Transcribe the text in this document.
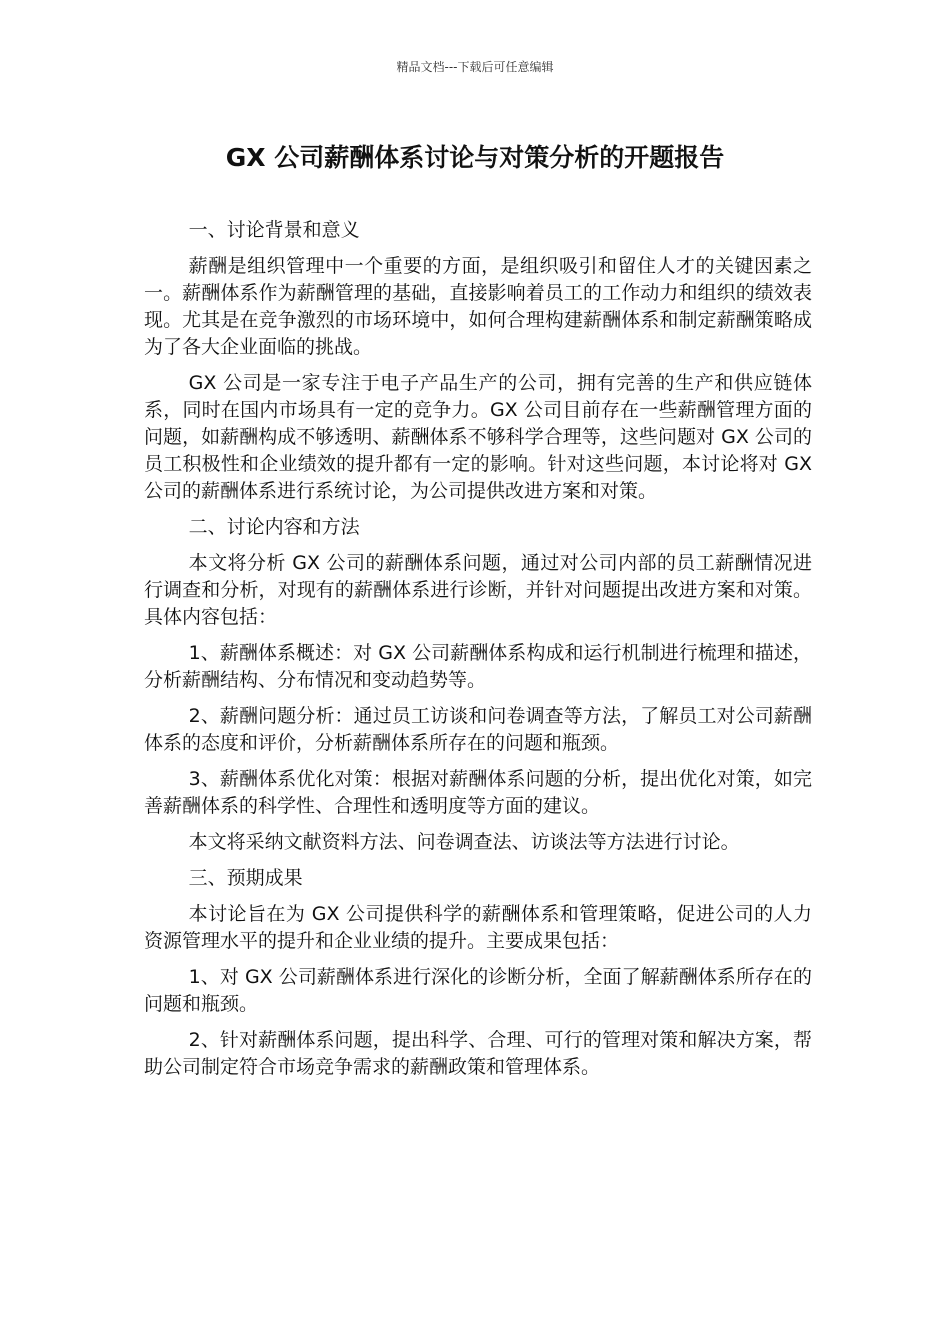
精品文档---下载后可任意编辑
GX 公司薪酬体系讨论与对策分析的开题报告

一、讨论背景和意义

薪酬是组织管理中一个重要的方面，是组织吸引和留住人才的关键因素之一。薪酬体系作为薪酬管理的基础，直接影响着员工的工作动力和组织的绩效表现。尤其是在竞争激烈的市场环境中，如何合理构建薪酬体系和制定薪酬策略成为了各大企业面临的挑战。

GX 公司是一家专注于电子产品生产的公司，拥有完善的生产和供应链体系，同时在国内市场具有一定的竞争力。GX 公司目前存在一些薪酬管理方面的问题，如薪酬构成不够透明、薪酬体系不够科学合理等，这些问题对 GX 公司的员工积极性和企业绩效的提升都有一定的影响。针对这些问题，本讨论将对 GX 公司的薪酬体系进行系统讨论，为公司提供改进方案和对策。

二、讨论内容和方法

本文将分析 GX 公司的薪酬体系问题，通过对公司内部的员工薪酬情况进行调查和分析，对现有的薪酬体系进行诊断，并针对问题提出改进方案和对策。具体内容包括：

1、薪酬体系概述：对 GX 公司薪酬体系构成和运行机制进行梳理和描述，分析薪酬结构、分布情况和变动趋势等。

2、薪酬问题分析：通过员工访谈和问卷调查等方法，了解员工对公司薪酬体系的态度和评价，分析薪酬体系所存在的问题和瓶颈。

3、薪酬体系优化对策：根据对薪酬体系问题的分析，提出优化对策，如完善薪酬体系的科学性、合理性和透明度等方面的建议。

本文将采纳文献资料方法、问卷调查法、访谈法等方法进行讨论。

三、预期成果

本讨论旨在为 GX 公司提供科学的薪酬体系和管理策略，促进公司的人力资源管理水平的提升和企业业绩的提升。主要成果包括：

1、对 GX 公司薪酬体系进行深化的诊断分析，全面了解薪酬体系所存在的问题和瓶颈。

2、针对薪酬体系问题，提出科学、合理、可行的管理对策和解决方案，帮助公司制定符合市场竞争需求的薪酬政策和管理体系。
